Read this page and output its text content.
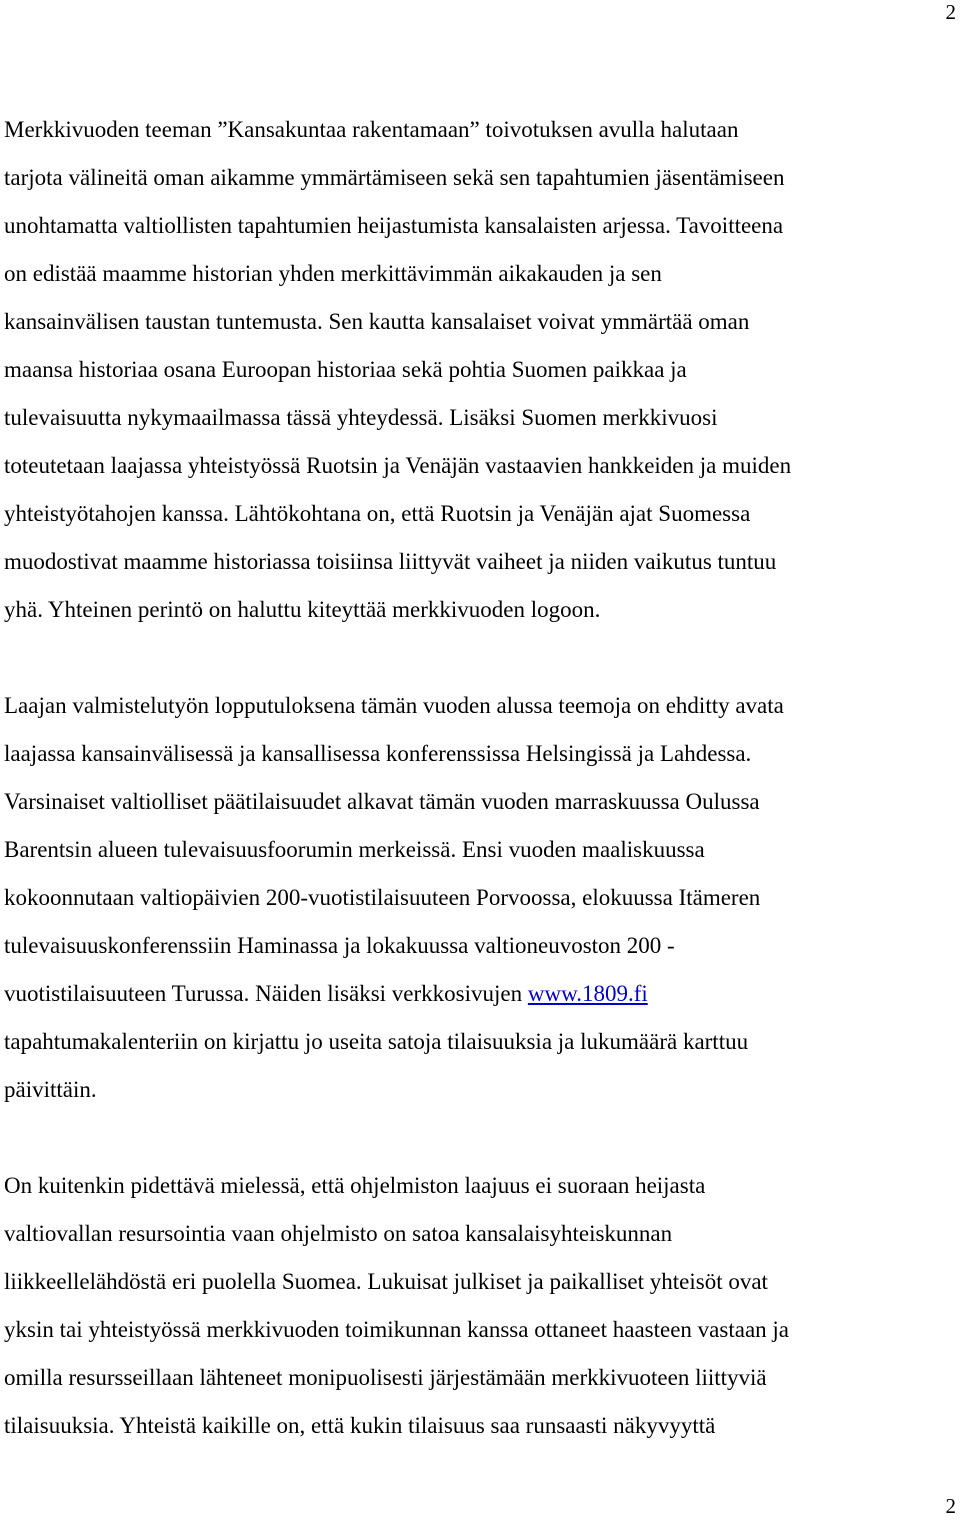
2

Merkkivuoden teeman ”Kansakuntaa rakentamaan” toivotuksen avulla halutaan
tarjota välineitä oman aikamme ymmärtämiseen sekä sen tapahtumien jäsentämiseen
unohtamatta valtiollisten tapahtumien heijastumista kansalaisten arjessa. Tavoitteena
on edistää maamme historian yhden merkittävimmän aikakauden ja sen
kansainvälisen taustan tuntemusta. Sen kautta kansalaiset voivat ymmärtää oman
maansa historiaa osana Euroopan historiaa sekä pohtia Suomen paikkaa ja
tulevaisuutta nykymaailmassa tässä yhteydessä. Lisäksi Suomen merkkivuosi
toteutetaan laajassa yhteistyössä Ruotsin ja Venäjän vastaavien hankkeiden ja muiden
yhteistyötahojen kanssa. Lähtökohtana on, että Ruotsin ja Venäjän ajat Suomessa
muodostivat maamme historiassa toisiinsa liittyvät vaiheet ja niiden vaikutus tuntuu
yhä. Yhteinen perintö on haluttu kiteyttää merkkivuoden logoon.

Laajan valmistelutyön lopputuloksena tämän vuoden alussa teemoja on ehditty avata
laajassa kansainvälisessä ja kansallisessa konferenssissa Helsingissä ja Lahdessa.
Varsinaiset valtiolliset päätilaisuudet alkavat tämän vuoden marraskuussa Oulussa
Barentsin alueen tulevaisuusfoorumin merkeissä. Ensi vuoden maaliskuussa
kokoonnutaan valtiopäivien 200-vuotistilaisuuteen Porvoossa, elokuussa Itämeren
tulevaisuuskonferenssiin Haminassa ja lokakuussa valtioneuvoston 200 -
vuotistilaisuuteen Turussa. Näiden lisäksi verkkosivujen www.1809.fi
tapahtumakalenteriin on kirjattu jo useita satoja tilaisuuksia ja lukumäärä karttuu
päivittäin.

On kuitenkin pidettävä mielessä, että ohjelmiston laajuus ei suoraan heijasta
valtiovallan resursointia vaan ohjelmisto on satoa kansalaisyhteiskunnan
liikkeellelähdöstä eri puolella Suomea. Lukuisat julkiset ja paikalliset yhteisöt ovat
yksin tai yhteistyössä merkkivuoden toimikunnan kanssa ottaneet haasteen vastaan ja
omilla resursseillaan lähteneet monipuolisesti järjestämään merkkivuoteen liittyviä
tilaisuuksia. Yhteistä kaikille on, että kukin tilaisuus saa runsaasti näkyvyyttä

2
